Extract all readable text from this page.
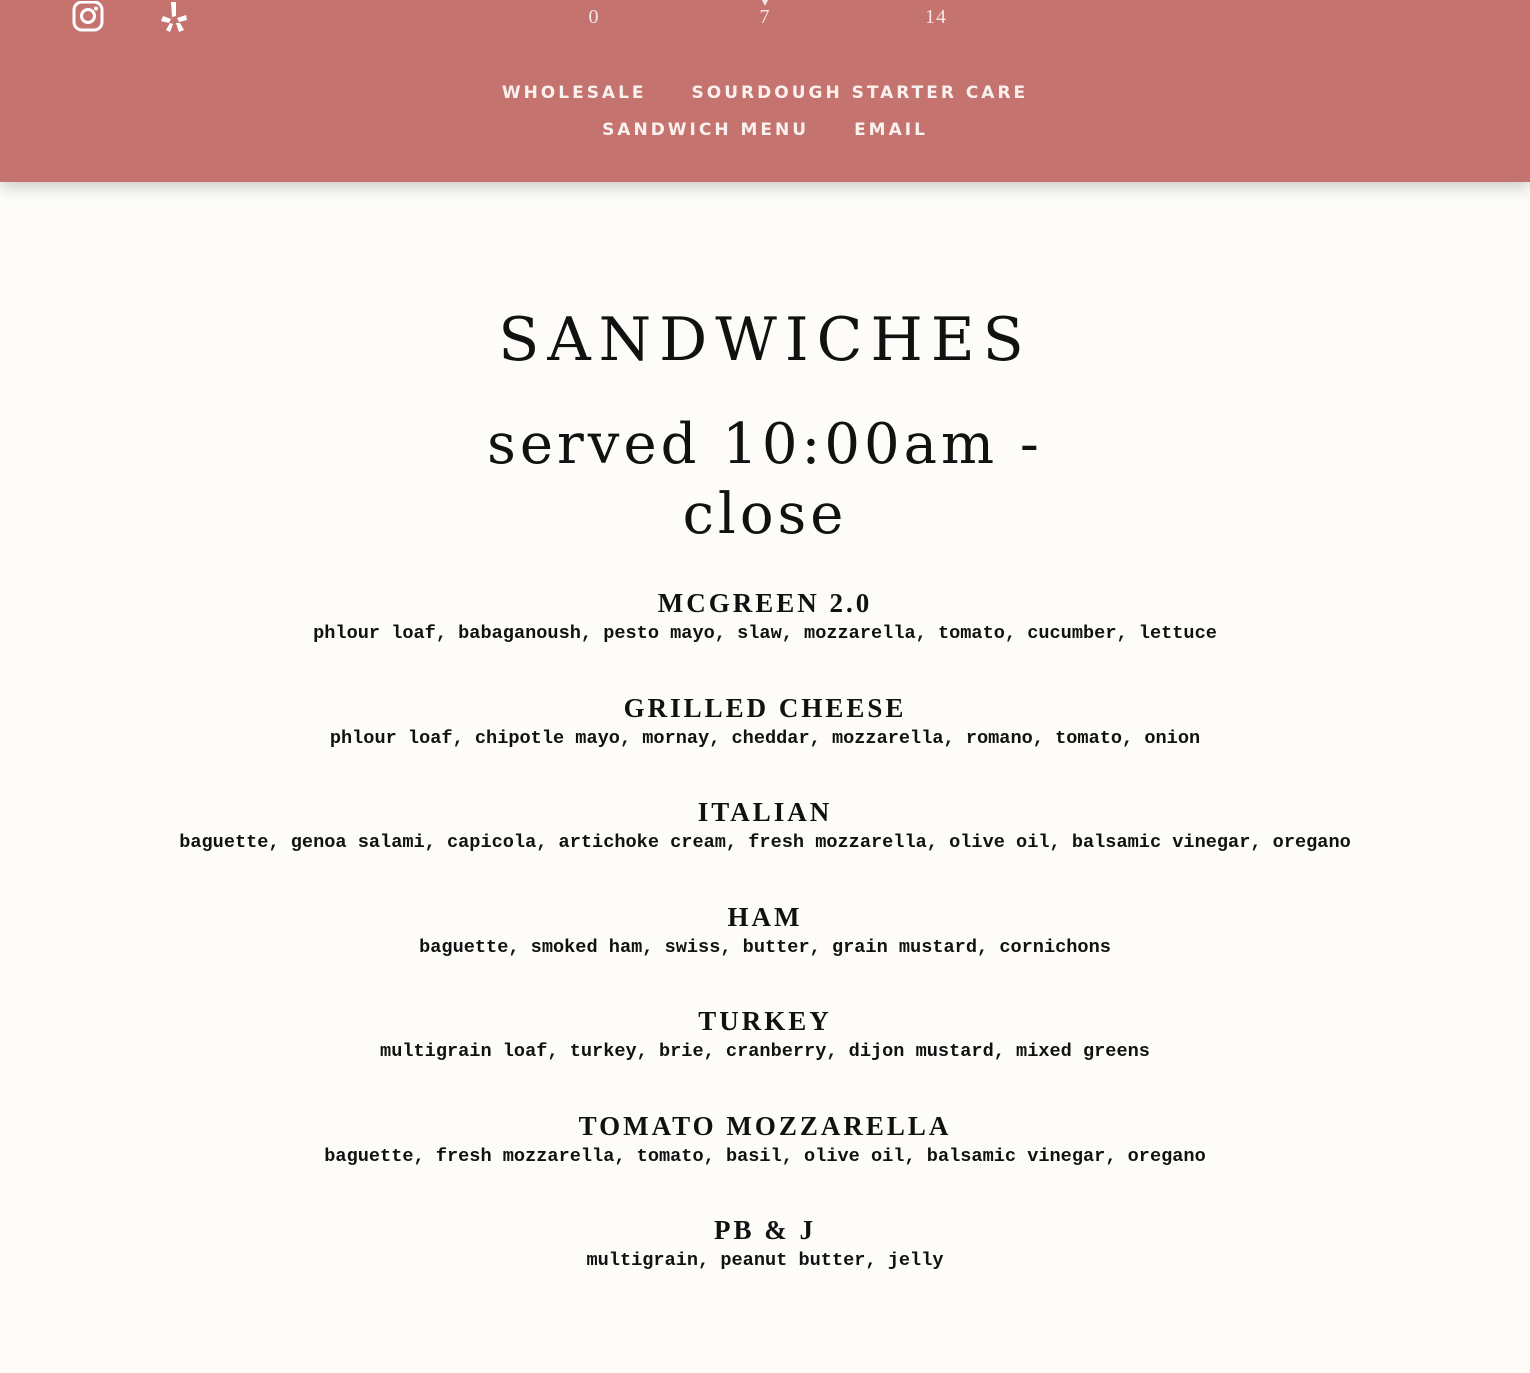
0	7	14
WHOLESALE	SOURDOUGH STARTER CARE
SANDWICH MENU	EMAIL
SANDWICHES
served 10:00am -
close
MCGREEN 2.0

phlour loaf, babaganoush, pesto mayo, slaw, mozzarella, tomato, cucumber, lettuce

GRILLED CHEESE

phlour loaf, chipotle mayo, mornay, cheddar, mozzarella, romano, tomato, onion

ITALIAN

baguette, genoa salami, capicola, artichoke cream, fresh mozzarella, olive oil, balsamic vinegar, oregano

HAM

baguette, smoked ham, swiss, butter, grain mustard, cornichons

TURKEY

multigrain loaf, turkey, brie, cranberry, dijon mustard, mixed greens

TOMATO MOZZARELLA

baguette, fresh mozzarella, tomato, basil, olive oil, balsamic vinegar, oregano

PB & J

multigrain, peanut butter, jelly
